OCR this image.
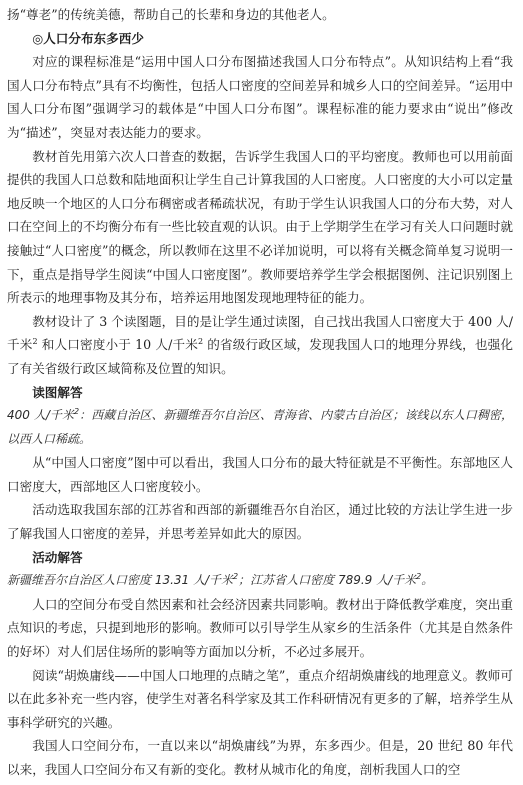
扬“尊老”的传统美德，帮助自己的长辈和身边的其他老人。

◎人口分布东多西少

对应的课程标准是“运用中国人口分布图描述我国人口分布特点”。从知识结构上看“我国人口分布特点”具有不均衡性，包括人口密度的空间差异和城乡人口的空间差异。“运用中国人口分布图”强调学习的载体是“中国人口分布图”。课程标准的能力要求由“说出”修改为“描述”，突显对表达能力的要求。

教材首先用第六次人口普查的数据，告诉学生我国人口的平均密度。教师也可以用前面提供的我国人口总数和陆地面积让学生自己计算我国的人口密度。人口密度的大小可以定量地反映一个地区的人口分布稠密或者稀疏状况，有助于学生认识我国人口的分布大势，对人口在空间上的不均衡分布有一些比较直观的认识。由于上学期学生在学习有关人口问题时就接触过“人口密度”的概念，所以教师在这里不必详加说明，可以将有关概念简单复习说明一下，重点是指导学生阅读“中国人口密度图”。教师要培养学生学会根据图例、注记识别图上所表示的地理事物及其分布，培养运用地图发现地理特征的能力。

教材设计了 3 个读图题，目的是让学生通过读图，自己找出我国人口密度大于 400 人/千米$^2$ 和人口密度小于 10 人/千米$^2$ 的省级行政区域，发现我国人口的地理分界线，也强化了有关省级行政区域简称及位置的知识。

读图解答

400 人/千米$^2$：西藏自治区、新疆维吾尔自治区、青海省、内蒙古自治区；该线以东人口稠密，以西人口稀疏。

从“中国人口密度”图中可以看出，我国人口分布的最大特征就是不平衡性。东部地区人口密度大，西部地区人口密度较小。

活动选取我国东部的江苏省和西部的新疆维吾尔自治区，通过比较的方法让学生进一步了解我国人口密度的差异，并思考差异如此大的原因。

活动解答

新疆维吾尔自治区人口密度 13.31 人/千米$^2$；江苏省人口密度 789.9 人/千米$^2$。

人口的空间分布受自然因素和社会经济因素共同影响。教材出于降低教学难度，突出重点知识的考虑，只提到地形的影响。教师可以引导学生从家乡的生活条件（尤其是自然条件的好坏）对人们居住场所的影响等方面加以分析，不必过多展开。

阅读“胡焕庸线——中国人口地理的点睛之笔”，重点介绍胡焕庸线的地理意义。教师可以在此多补充一些内容，使学生对著名科学家及其工作科研情况有更多的了解，培养学生从事科学研究的兴趣。

我国人口空间分布，一直以来以“胡焕庸线”为界，东多西少。但是，20 世纪 80 年代以来，我国人口空间分布又有新的变化。教材从城市化的角度，剖析我国人口的空
